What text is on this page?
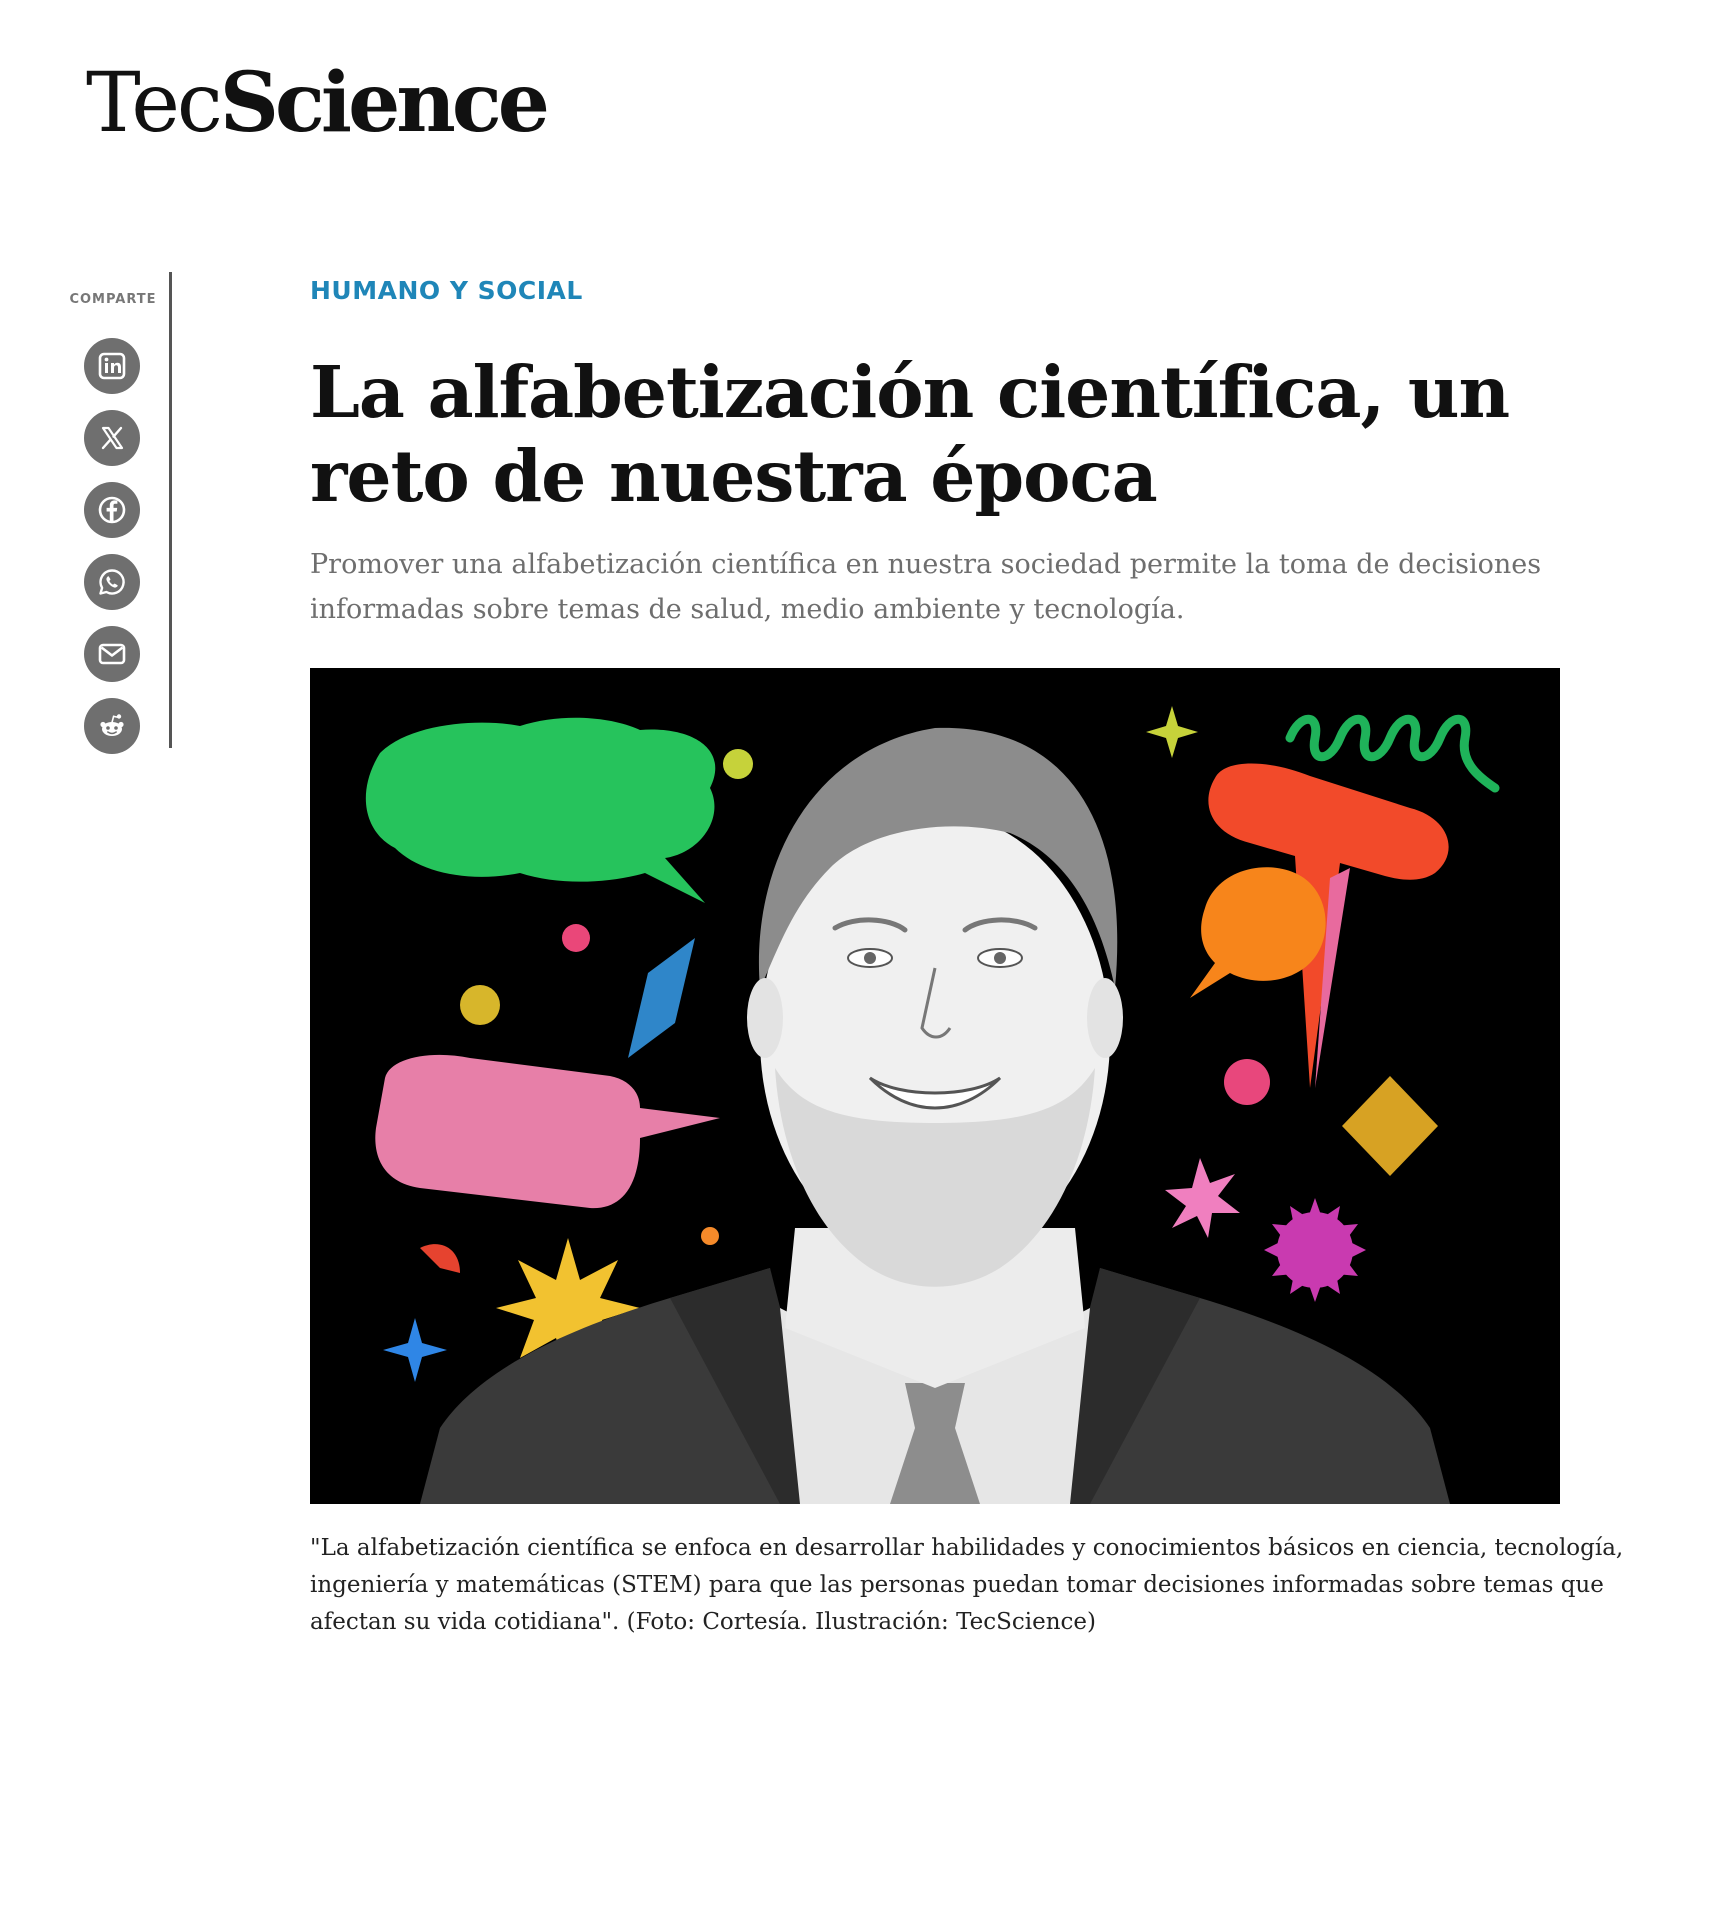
Tec Science
COMPARTE	HUMANO Y SOCIAL
La alfabetización científica, un reto de nuestra época

Promover una alfabetización científica en nuestra sociedad permite la toma de decisiones informadas sobre temas de salud, medio ambiente y tecnología.

"La alfabetización científica se enfoca en desarrollar habilidades y conocimientos básicos en ciencia, tecnología, ingeniería y matemáticas (STEM) para que las personas puedan tomar decisiones informadas sobre temas que afectan su vida cotidiana". (Foto: Cortesía. Ilustración: TecScience)
